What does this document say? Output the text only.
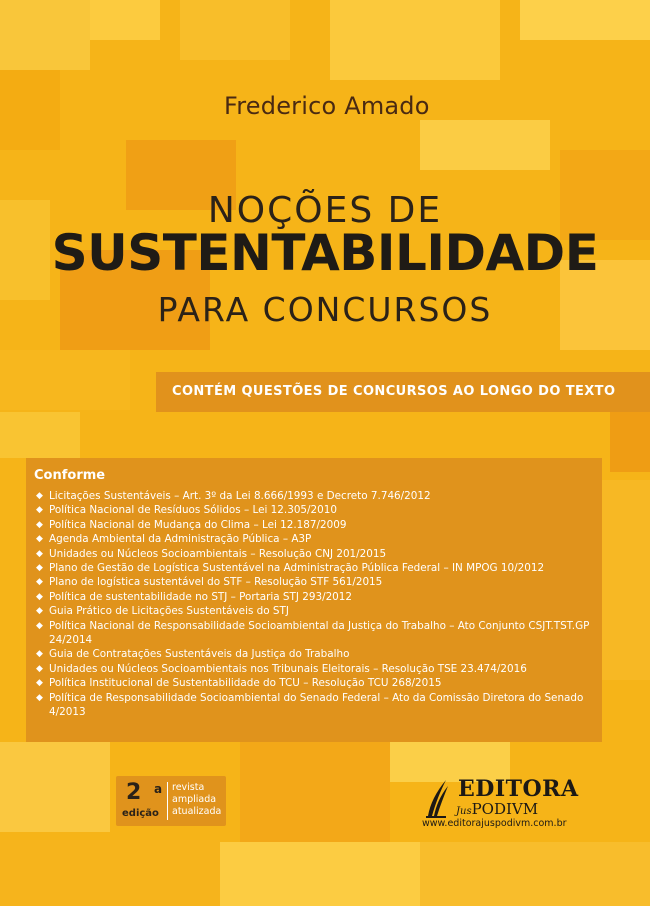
Frederico Amado
NOÇÕES DE
SUSTENTABILIDADE
PARA CONCURSOS
CONTÉM QUESTÕES DE CONCURSOS AO LONGO DO TEXTO
Conforme
◆ Licitações Sustentáveis – Art. 3º da Lei 8.666/1993 e Decreto 7.746/2012
◆ Política Nacional de Resíduos Sólidos – Lei 12.305/2010
◆ Política Nacional de Mudança do Clima – Lei 12.187/2009
◆ Agenda Ambiental da Administração Pública – A3P
◆ Unidades ou Núcleos Socioambientais – Resolução CNJ 201/2015
◆ Plano de Gestão de Logística Sustentável na Administração Pública Federal – IN MPOG 10/2012
◆ Plano de logística sustentável do STF – Resolução STF 561/2015
◆ Política de sustentabilidade no STJ – Portaria STJ 293/2012
◆ Guia Prático de Licitações Sustentáveis do STJ
◆ Política Nacional de Responsabilidade Socioambiental da Justiça do Trabalho – Ato Conjunto CSJT.TST.GP 24/2014
◆ Guia de Contratações Sustentáveis da Justiça do Trabalho
◆ Unidades ou Núcleos Socioambientais nos Tribunais Eleitorais – Resolução TSE 23.474/2016
◆ Política Institucional de Sustentabilidade do TCU – Resolução TCU 268/2015
◆ Política de Responsabilidade Socioambiental do Senado Federal – Ato da Comissão Diretora do Senado 4/2013
2 a
edição
revista
ampliada
atualizada
EDITORA
JusPODIVM
www.editorajuspodivm.com.br
